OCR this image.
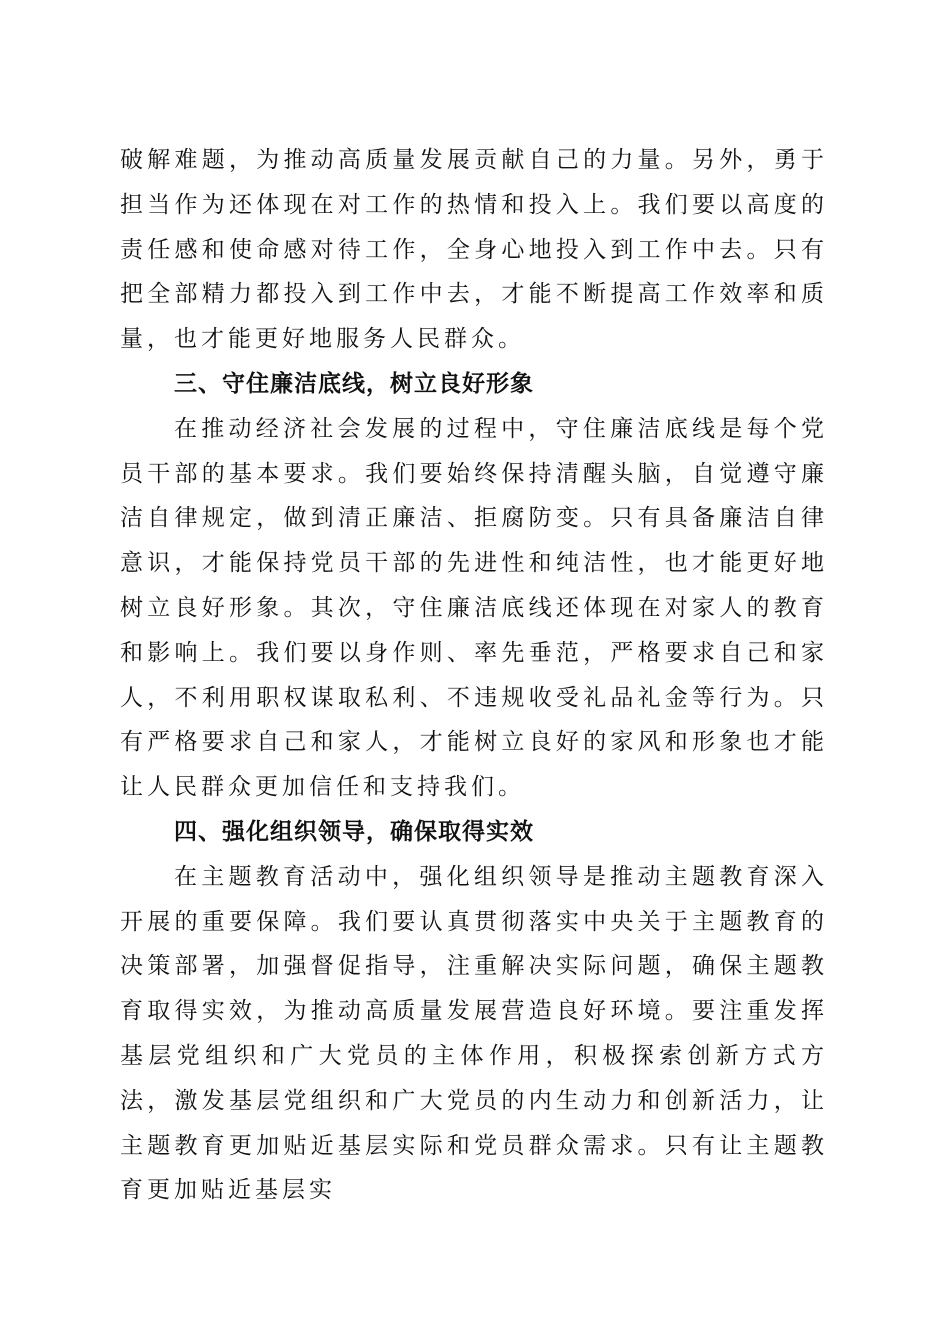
破解难题，为推动高质量发展贡献自己的力量。另外，勇于担当作为还体现在对工作的热情和投入上。我们要以高度的责任感和使命感对待工作，全身心地投入到工作中去。只有把全部精力都投入到工作中去，才能不断提高工作效率和质量，也才能更好地服务人民群众。

三、守住廉洁底线，树立良好形象

在推动经济社会发展的过程中，守住廉洁底线是每个党员干部的基本要求。我们要始终保持清醒头脑，自觉遵守廉洁自律规定，做到清正廉洁、拒腐防变。只有具备廉洁自律意识，才能保持党员干部的先进性和纯洁性，也才能更好地树立良好形象。其次，守住廉洁底线还体现在对家人的教育和影响上。我们要以身作则、率先垂范，严格要求自己和家人，不利用职权谋取私利、不违规收受礼品礼金等行为。只有严格要求自己和家人，才能树立良好的家风和形象也才能让人民群众更加信任和支持我们。

四、强化组织领导，确保取得实效

在主题教育活动中，强化组织领导是推动主题教育深入开展的重要保障。我们要认真贯彻落实中央关于主题教育的决策部署，加强督促指导，注重解决实际问题，确保主题教育取得实效，为推动高质量发展营造良好环境。要注重发挥基层党组织和广大党员的主体作用，积极探索创新方式方法，激发基层党组织和广大党员的内生动力和创新活力，让主题教育更加贴近基层实际和党员群众需求。只有让主题教育更加贴近基层实
